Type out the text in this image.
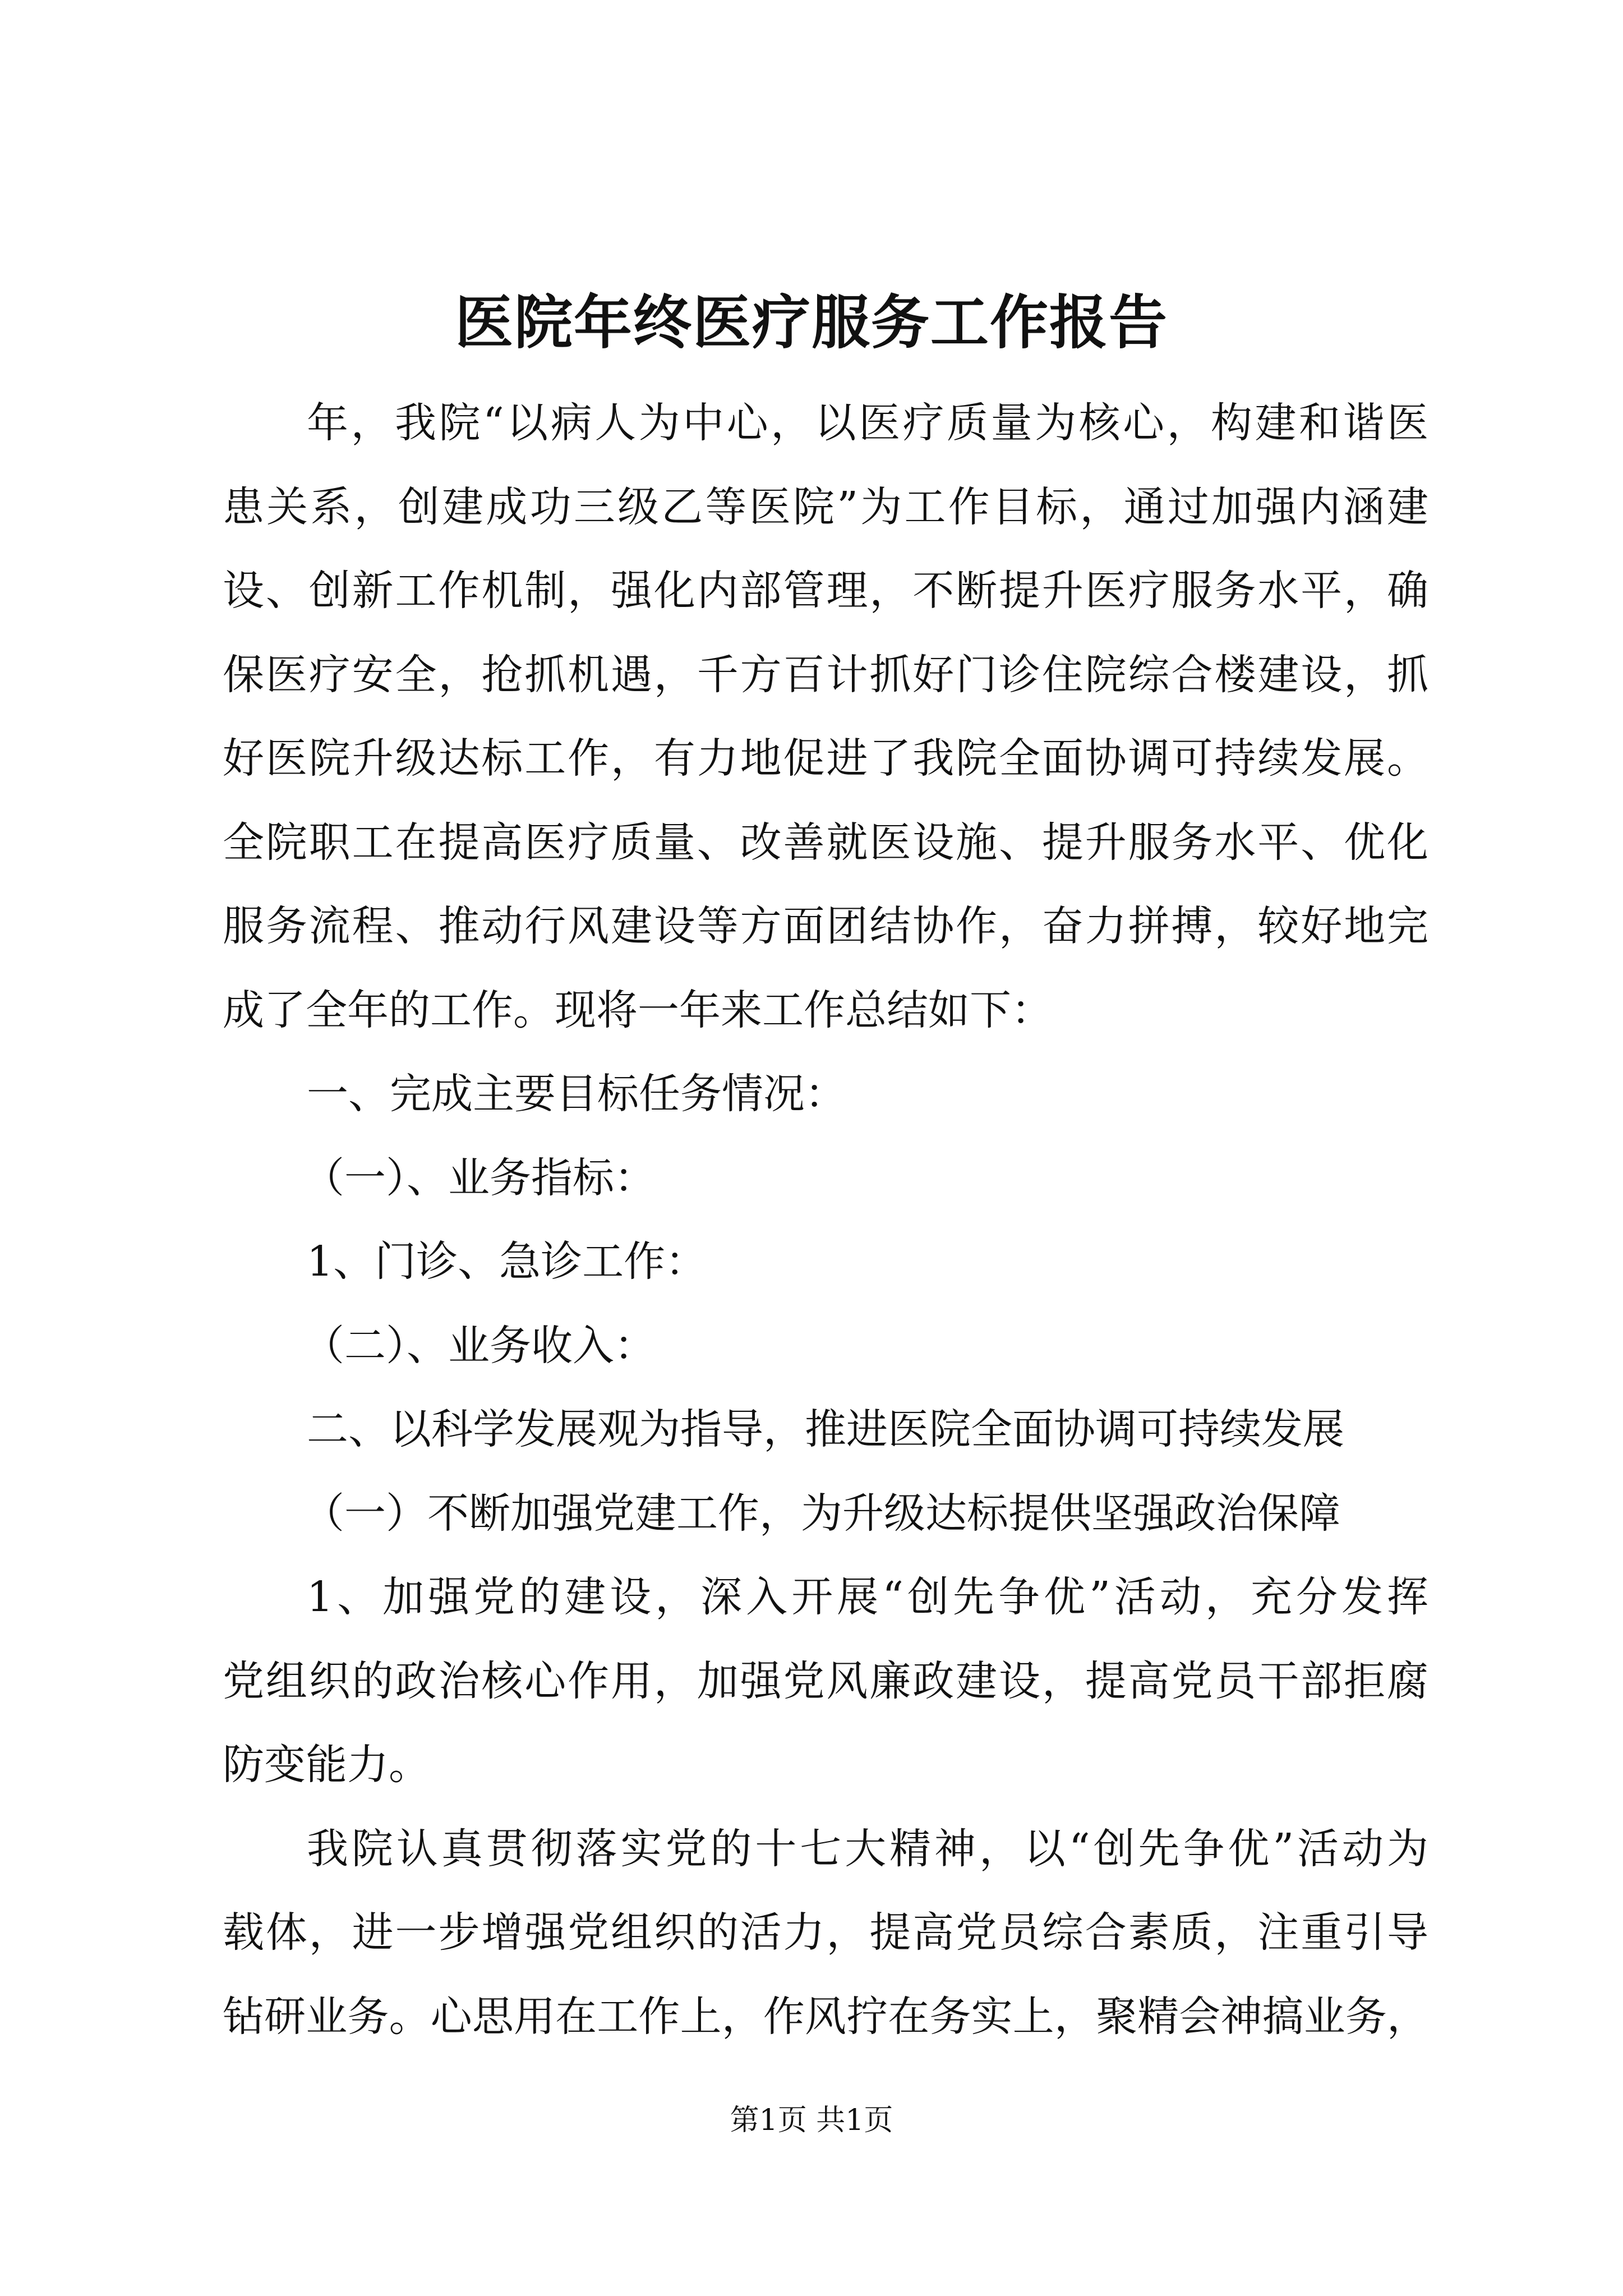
医院年终医疗服务工作报告
年，我院“以病人为中心，以医疗质量为核心，构建和谐医
患关系，创建成功三级乙等医院”为工作目标，通过加强内涵建
设、创新工作机制，强化内部管理，不断提升医疗服务水平，确
保医疗安全，抢抓机遇，千方百计抓好门诊住院综合楼建设，抓
好医院升级达标工作，有力地促进了我院全面协调可持续发展。
全院职工在提高医疗质量、改善就医设施、提升服务水平、优化
服务流程、推动行风建设等方面团结协作，奋力拼搏，较好地完
成了全年的工作。现将一年来工作总结如下：
一、完成主要目标任务情况：
（一）、业务指标：
1、门诊、急诊工作：
（二）、业务收入：
二、以科学发展观为指导，推进医院全面协调可持续发展
（一）不断加强党建工作，为升级达标提供坚强政治保障
1、加强党的建设，深入开展“创先争优”活动，充分发挥
党组织的政治核心作用，加强党风廉政建设，提高党员干部拒腐
防变能力。
我院认真贯彻落实党的十七大精神，以“创先争优”活动为
载体，进一步增强党组织的活力，提高党员综合素质，注重引导
钻研业务。心思用在工作上，作风拧在务实上，聚精会神搞业务，
第1页 共1页
